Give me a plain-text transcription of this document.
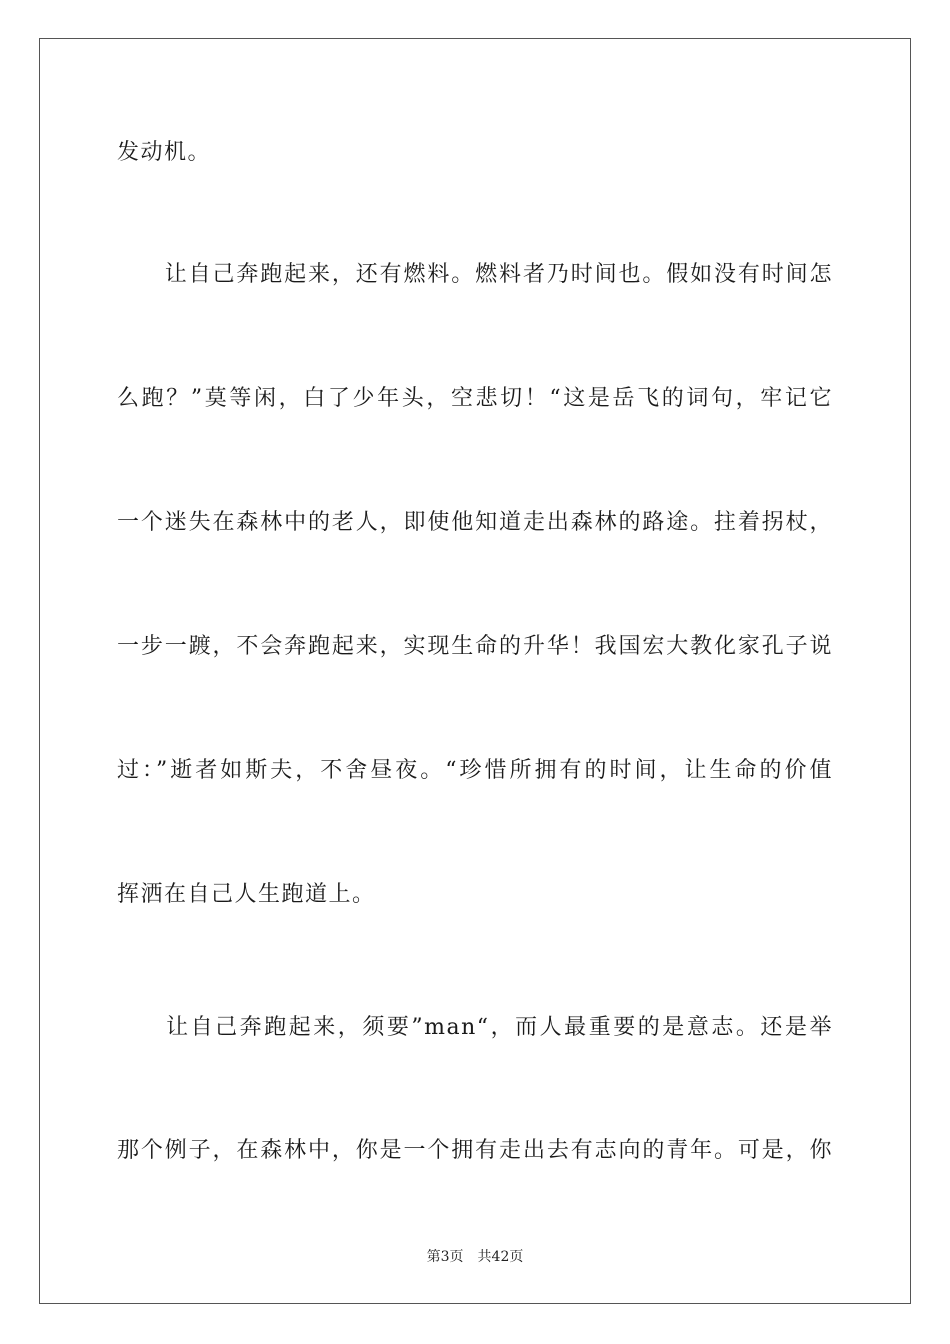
发动机。
　　让自己奔跑起来，还有燃料。燃料者乃时间也。假如没有时间怎
么跑？”莫等闲，白了少年头，空悲切！“这是岳飞的词句，牢记它
一个迷失在森林中的老人，即使他知道走出森林的路途。拄着拐杖，
一步一踱，不会奔跑起来，实现生命的升华！我国宏大教化家孔子说
过：”逝者如斯夫，不舍昼夜。“珍惜所拥有的时间，让生命的价值
挥洒在自己人生跑道上。
　　让自己奔跑起来，须要”man“，而人最重要的是意志。还是举
那个例子，在森林中，你是一个拥有走出去有志向的青年。可是，你
第3页 共42页
